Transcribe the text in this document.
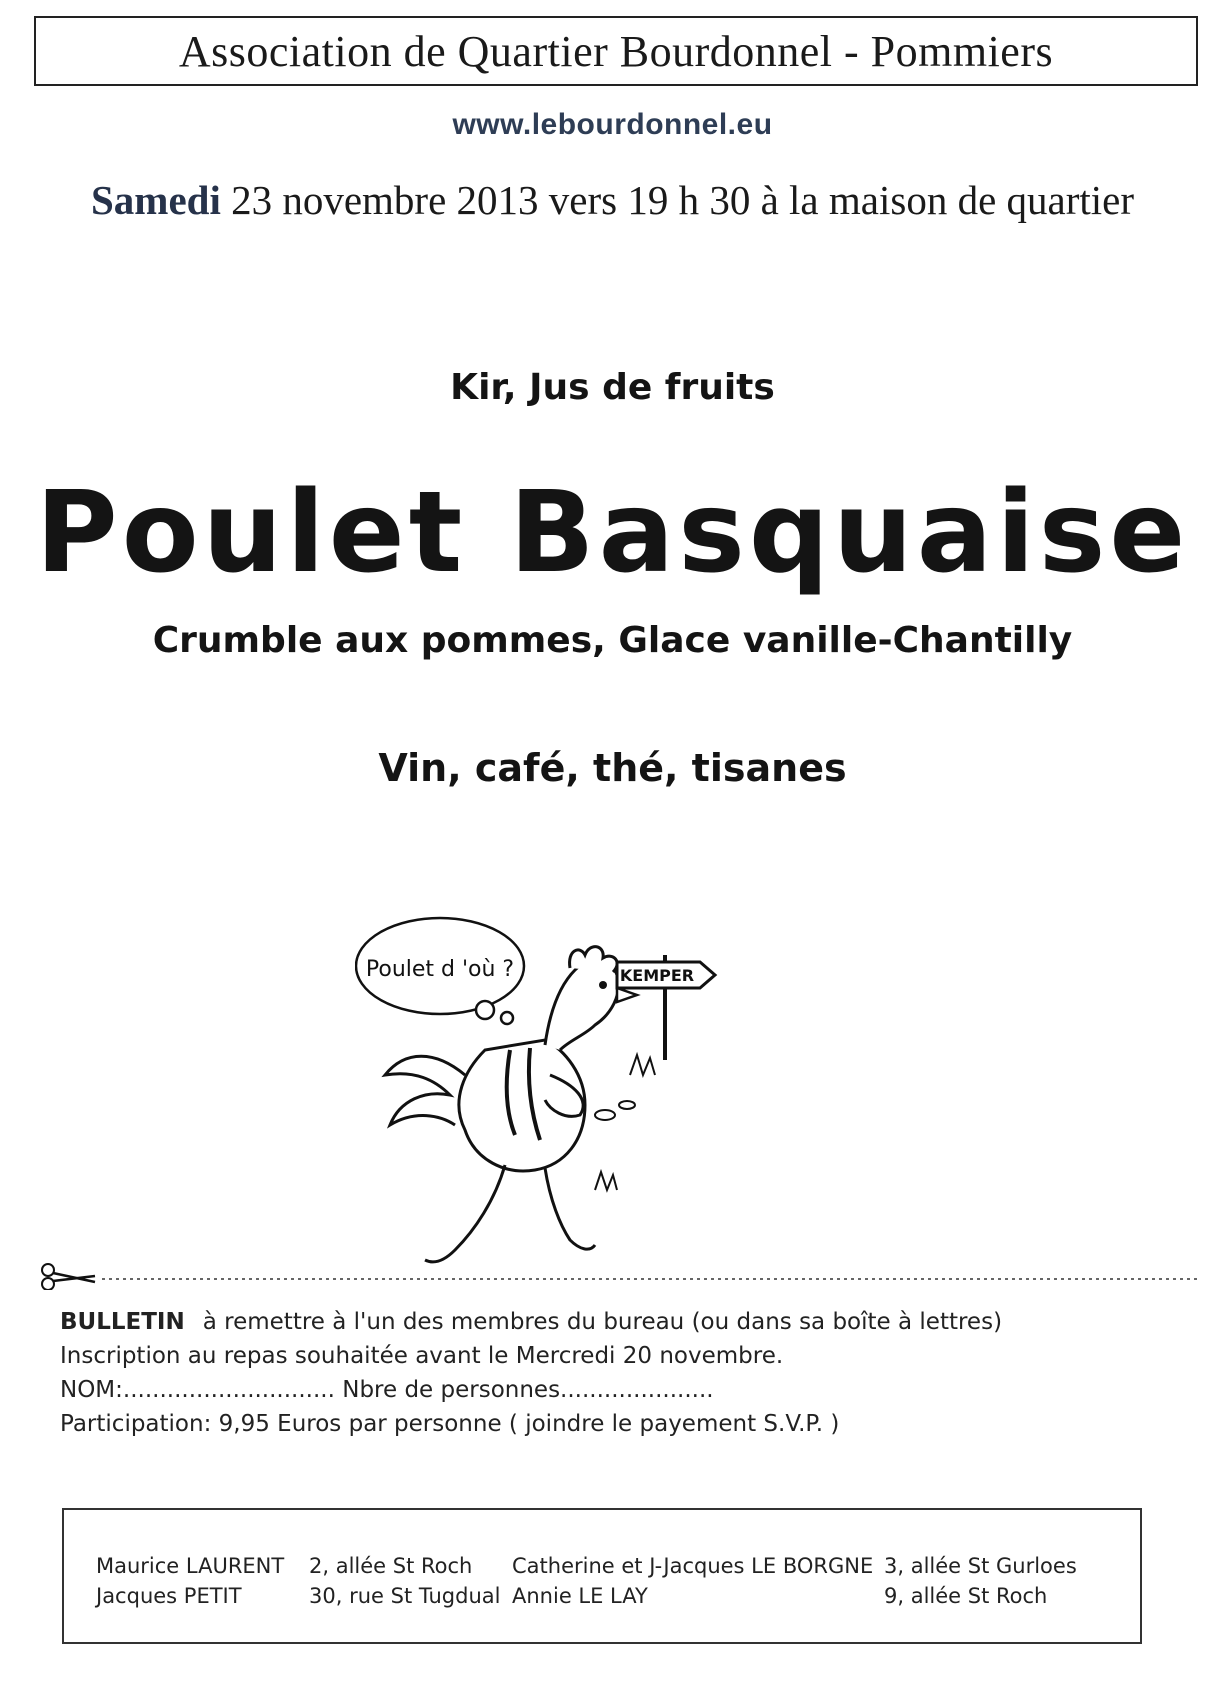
Association de Quartier Bourdonnel - Pommiers
www.lebourdonnel.eu
Samedi 23 novembre 2013 vers 19 h 30 à la maison de quartier
Kir, Jus de fruits
Poulet Basquaise
Crumble aux pommes, Glace vanille-Chantilly
Vin, café, thé, tisanes
Poulet d 'où ?	KEMPER
BULLETIN à remettre à l'un des membres du bureau (ou dans sa boîte à lettres)
Inscription au repas souhaitée avant le Mercredi 20 novembre.
NOM:............................. Nbre de personnes.....................
Participation: 9,95 Euros par personne ( joindre le payement S.V.P. )
Maurice LAURENT
Jacques PETIT
2, allée St Roch
30, rue St Tugdual
Catherine et J-Jacques LE BORGNE
Annie LE LAY
3, allée St Gurloes
9, allée St Roch
